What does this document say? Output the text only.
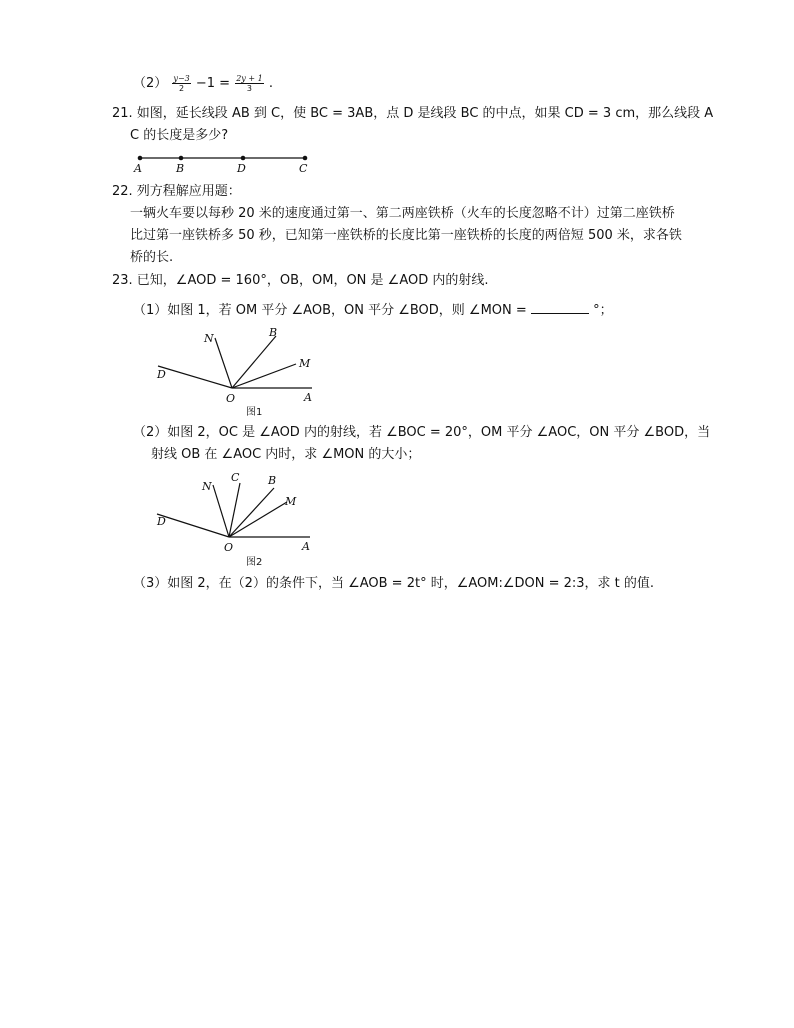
$(2) \frac{y-3}{2} -1 = \frac{2y + 1}{3}$ .
21. 如图，延长线段 AB 到 C，使 BC = 3AB，点 D 是线段 BC 的中点，如果 CD = 3 cm，那么线段 A
C 的长度是多少?
A	B	D	C
22. 列方程解应用题：
一辆火车要以每秒 20 米的速度通过第一、第二两座铁桥（火车的长度忽略不计）过第二座铁桥
比过第一座铁桥多 50 秒，已知第一座铁桥的长度比第一座铁桥的长度的两倍短 500 米，求各铁
桥的长.
23. 已知，∠AOD = 160°，OB，OM，ON 是 ∠AOD 内的射线.
（1）如图 1，若 OM 平分 ∠AOB，ON 平分 ∠BOD，则 ∠MON =	°；
N	B
M
D
O	A
图1
（2）如图 2，OC 是 ∠AOD 内的射线，若 ∠BOC = 20°，OM 平分 ∠AOC，ON 平分 ∠BOD，当
射线 OB 在 ∠AOC 内时，求 ∠MON 的大小；
N
C	B
M
D
O	A
图2
（3）如图 2，在（2）的条件下，当 ∠AOB = 2t° 时，∠AOM:∠DON = 2:3，求 t 的值.
